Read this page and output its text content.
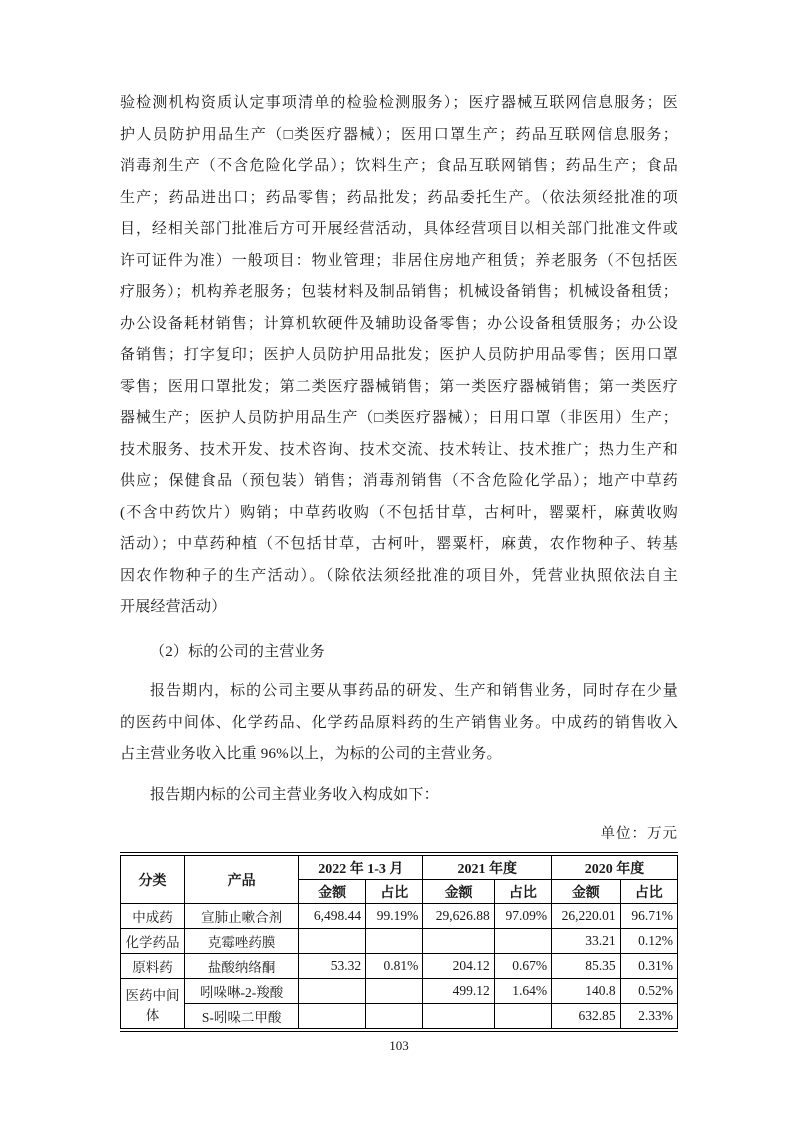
验检测机构资质认定事项清单的检验检测服务）；医疗器械互联网信息服务；医
护人员防护用品生产（□类医疗器械）；医用口罩生产；药品互联网信息服务；
消毒剂生产（不含危险化学品）；饮料生产；食品互联网销售；药品生产；食品
生产；药品进出口；药品零售；药品批发；药品委托生产。（依法须经批准的项
目，经相关部门批准后方可开展经营活动，具体经营项目以相关部门批准文件或
许可证件为准）一般项目：物业管理；非居住房地产租赁；养老服务（不包括医
疗服务）；机构养老服务；包装材料及制品销售；机械设备销售；机械设备租赁；
办公设备耗材销售；计算机软硬件及辅助设备零售；办公设备租赁服务；办公设
备销售；打字复印；医护人员防护用品批发；医护人员防护用品零售；医用口罩
零售；医用口罩批发；第二类医疗器械销售；第一类医疗器械销售；第一类医疗
器械生产；医护人员防护用品生产（□类医疗器械）；日用口罩（非医用）生产；
技术服务、技术开发、技术咨询、技术交流、技术转让、技术推广；热力生产和
供应；保健食品（预包装）销售；消毒剂销售（不含危险化学品）；地产中草药
(不含中药饮片）购销；中草药收购（不包括甘草，古柯叶，罂粟杆，麻黄收购
活动）；中草药种植（不包括甘草，古柯叶，罂粟杆，麻黄，农作物种子、转基
因农作物种子的生产活动）。（除依法须经批准的项目外，凭营业执照依法自主
开展经营活动）
（2）标的公司的主营业务
报告期内，标的公司主要从事药品的研发、生产和销售业务，同时存在少量
的医药中间体、化学药品、化学药品原料药的生产销售业务。中成药的销售收入
占主营业务收入比重 96%以上，为标的公司的主营业务。
报告期内标的公司主营业务收入构成如下：
单位：万元
分类	产品	2022 年 1-3 月		2021 年度		2020 年度	
		金额	占比	金额	占比	金额	占比
中成药	宣肺止嗽合剂	6,498.44	99.19%	29,626.88	97.09%	26,220.01	96.71%
化学药品	克霉唑药膜					33.21	0.12%
原料药	盐酸纳络酮	53.32	0.81%	204.12	0.67%	85.35	0.31%
医药中间体	吲哚啉-2-羧酸			499.12	1.64%	140.8	0.52%
	S-吲哚二甲酸					632.85	2.33%
103
